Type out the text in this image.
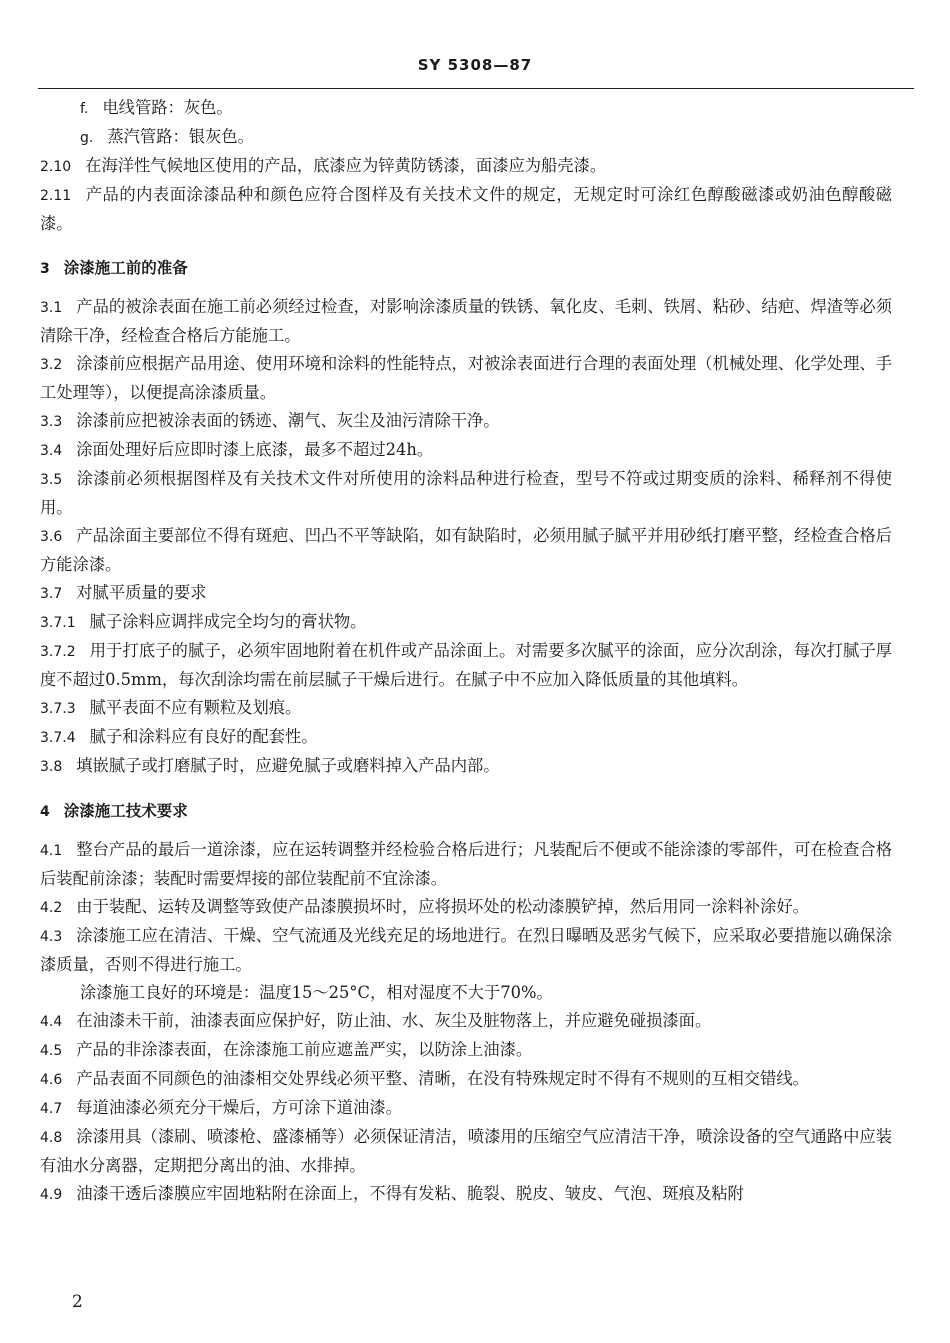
SY 5308—87

f. 电线管路：灰色。

g. 蒸汽管路：银灰色。

2.10 在海洋性气候地区使用的产品，底漆应为锌黄防锈漆，面漆应为船壳漆。

2.11 产品的内表面涂漆品种和颜色应符合图样及有关技术文件的规定，无规定时可涂红色醇酸磁漆或奶油色醇酸磁漆。

3 涂漆施工前的准备

3.1 产品的被涂表面在施工前必须经过检查，对影响涂漆质量的铁锈、氧化皮、毛刺、铁屑、粘砂、结疤、焊渣等必须清除干净，经检查合格后方能施工。

3.2 涂漆前应根据产品用途、使用环境和涂料的性能特点，对被涂表面进行合理的表面处理（机械处理、化学处理、手工处理等），以便提高涂漆质量。

3.3 涂漆前应把被涂表面的锈迹、潮气、灰尘及油污清除干净。

3.4 涂面处理好后应即时漆上底漆，最多不超过24h。

3.5 涂漆前必须根据图样及有关技术文件对所使用的涂料品种进行检查，型号不符或过期变质的涂料、稀释剂不得使用。

3.6 产品涂面主要部位不得有斑疤、凹凸不平等缺陷，如有缺陷时，必须用腻子腻平并用砂纸打磨平整，经检查合格后方能涂漆。

3.7 对腻平质量的要求

3.7.1 腻子涂料应调拌成完全均匀的膏状物。

3.7.2 用于打底子的腻子，必须牢固地附着在机件或产品涂面上。对需要多次腻平的涂面，应分次刮涂，每次打腻子厚度不超过0.5mm，每次刮涂均需在前层腻子干燥后进行。在腻子中不应加入降低质量的其他填料。

3.7.3 腻平表面不应有颗粒及划痕。

3.7.4 腻子和涂料应有良好的配套性。

3.8 填嵌腻子或打磨腻子时，应避免腻子或磨料掉入产品内部。

4 涂漆施工技术要求

4.1 整台产品的最后一道涂漆，应在运转调整并经检验合格后进行；凡装配后不便或不能涂漆的零部件，可在检查合格后装配前涂漆；装配时需要焊接的部位装配前不宜涂漆。

4.2 由于装配、运转及调整等致使产品漆膜损坏时，应将损坏处的松动漆膜铲掉，然后用同一涂料补涂好。

4.3 涂漆施工应在清洁、干燥、空气流通及光线充足的场地进行。在烈日曝晒及恶劣气候下，应采取必要措施以确保涂漆质量，否则不得进行施工。

涂漆施工良好的环境是：温度15～25°C，相对湿度不大于70%。

4.4 在油漆未干前，油漆表面应保护好，防止油、水、灰尘及脏物落上，并应避免碰损漆面。

4.5 产品的非涂漆表面，在涂漆施工前应遮盖严实，以防涂上油漆。

4.6 产品表面不同颜色的油漆相交处界线必须平整、清晰，在没有特殊规定时不得有不规则的互相交错线。

4.7 每道油漆必须充分干燥后，方可涂下道油漆。

4.8 涂漆用具（漆刷、喷漆枪、盛漆桶等）必须保证清洁，喷漆用的压缩空气应清洁干净，喷涂设备的空气通路中应装有油水分离器，定期把分离出的油、水排掉。

4.9 油漆干透后漆膜应牢固地粘附在涂面上，不得有发粘、脆裂、脱皮、皱皮、气泡、斑痕及粘附

2
